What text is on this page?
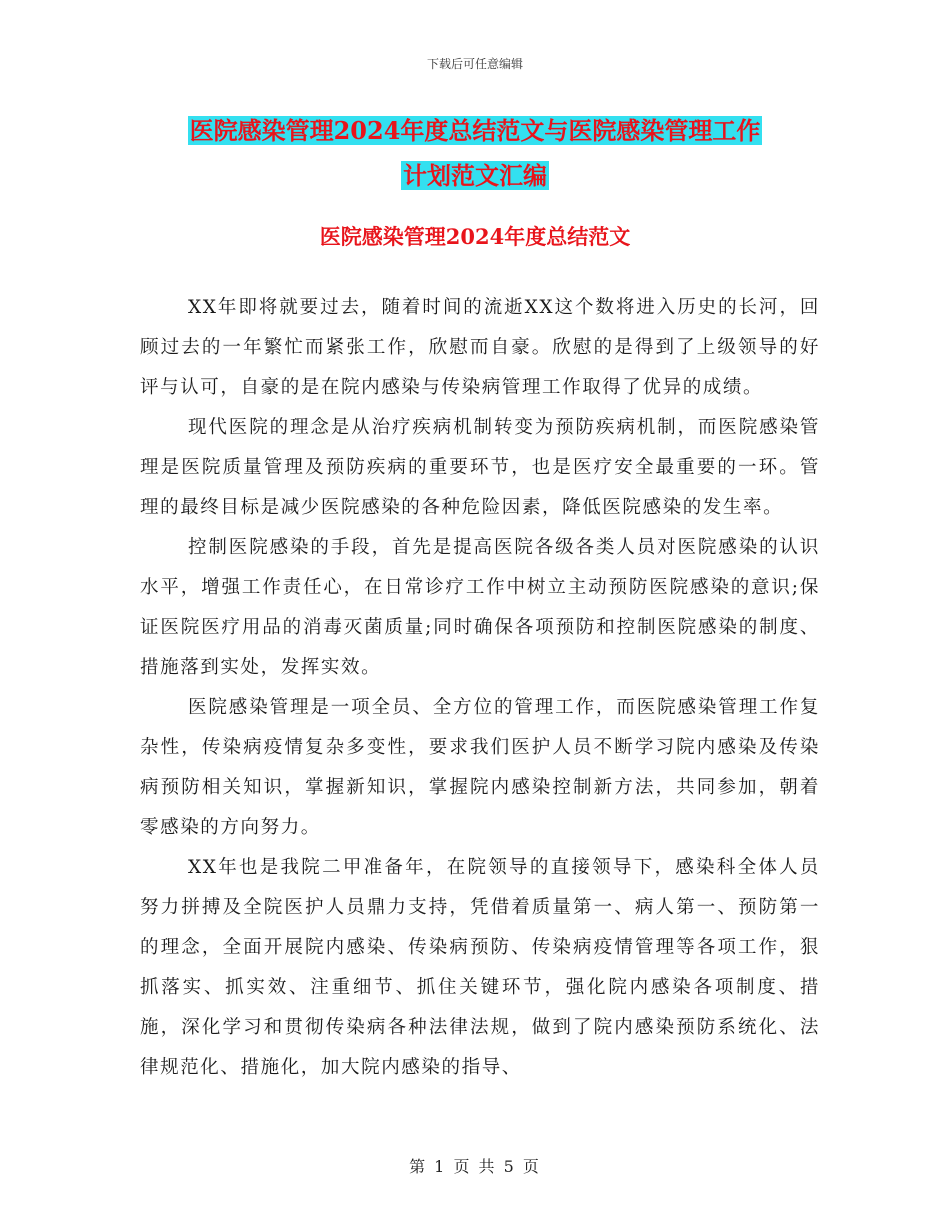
下载后可任意编辑
医院感染管理2024年度总结范文与医院感染管理工作
计划范文汇编
医院感染管理2024年度总结范文

XX年即将就要过去，随着时间的流逝XX这个数将进入历史的长河，回顾过去的一年繁忙而紧张工作，欣慰而自豪。欣慰的是得到了上级领导的好评与认可，自豪的是在院内感染与传染病管理工作取得了优异的成绩。

现代医院的理念是从治疗疾病机制转变为预防疾病机制，而医院感染管理是医院质量管理及预防疾病的重要环节，也是医疗安全最重要的一环。管理的最终目标是减少医院感染的各种危险因素，降低医院感染的发生率。

控制医院感染的手段，首先是提高医院各级各类人员对医院感染的认识水平，增强工作责任心，在日常诊疗工作中树立主动预防医院感染的意识;保证医院医疗用品的消毒灭菌质量;同时确保各项预防和控制医院感染的制度、措施落到实处，发挥实效。

医院感染管理是一项全员、全方位的管理工作，而医院感染管理工作复杂性，传染病疫情复杂多变性，要求我们医护人员不断学习院内感染及传染病预防相关知识，掌握新知识，掌握院内感染控制新方法，共同参加，朝着零感染的方向努力。

XX年也是我院二甲准备年，在院领导的直接领导下，感染科全体人员努力拼搏及全院医护人员鼎力支持，凭借着质量第一、病人第一、预防第一的理念，全面开展院内感染、传染病预防、传染病疫情管理等各项工作，狠抓落实、抓实效、注重细节、抓住关键环节，强化院内感染各项制度、措施，深化学习和贯彻传染病各种法律法规，做到了院内感染预防系统化、法律规范化、措施化，加大院内感染的指导、

第 1 页 共 5 页
